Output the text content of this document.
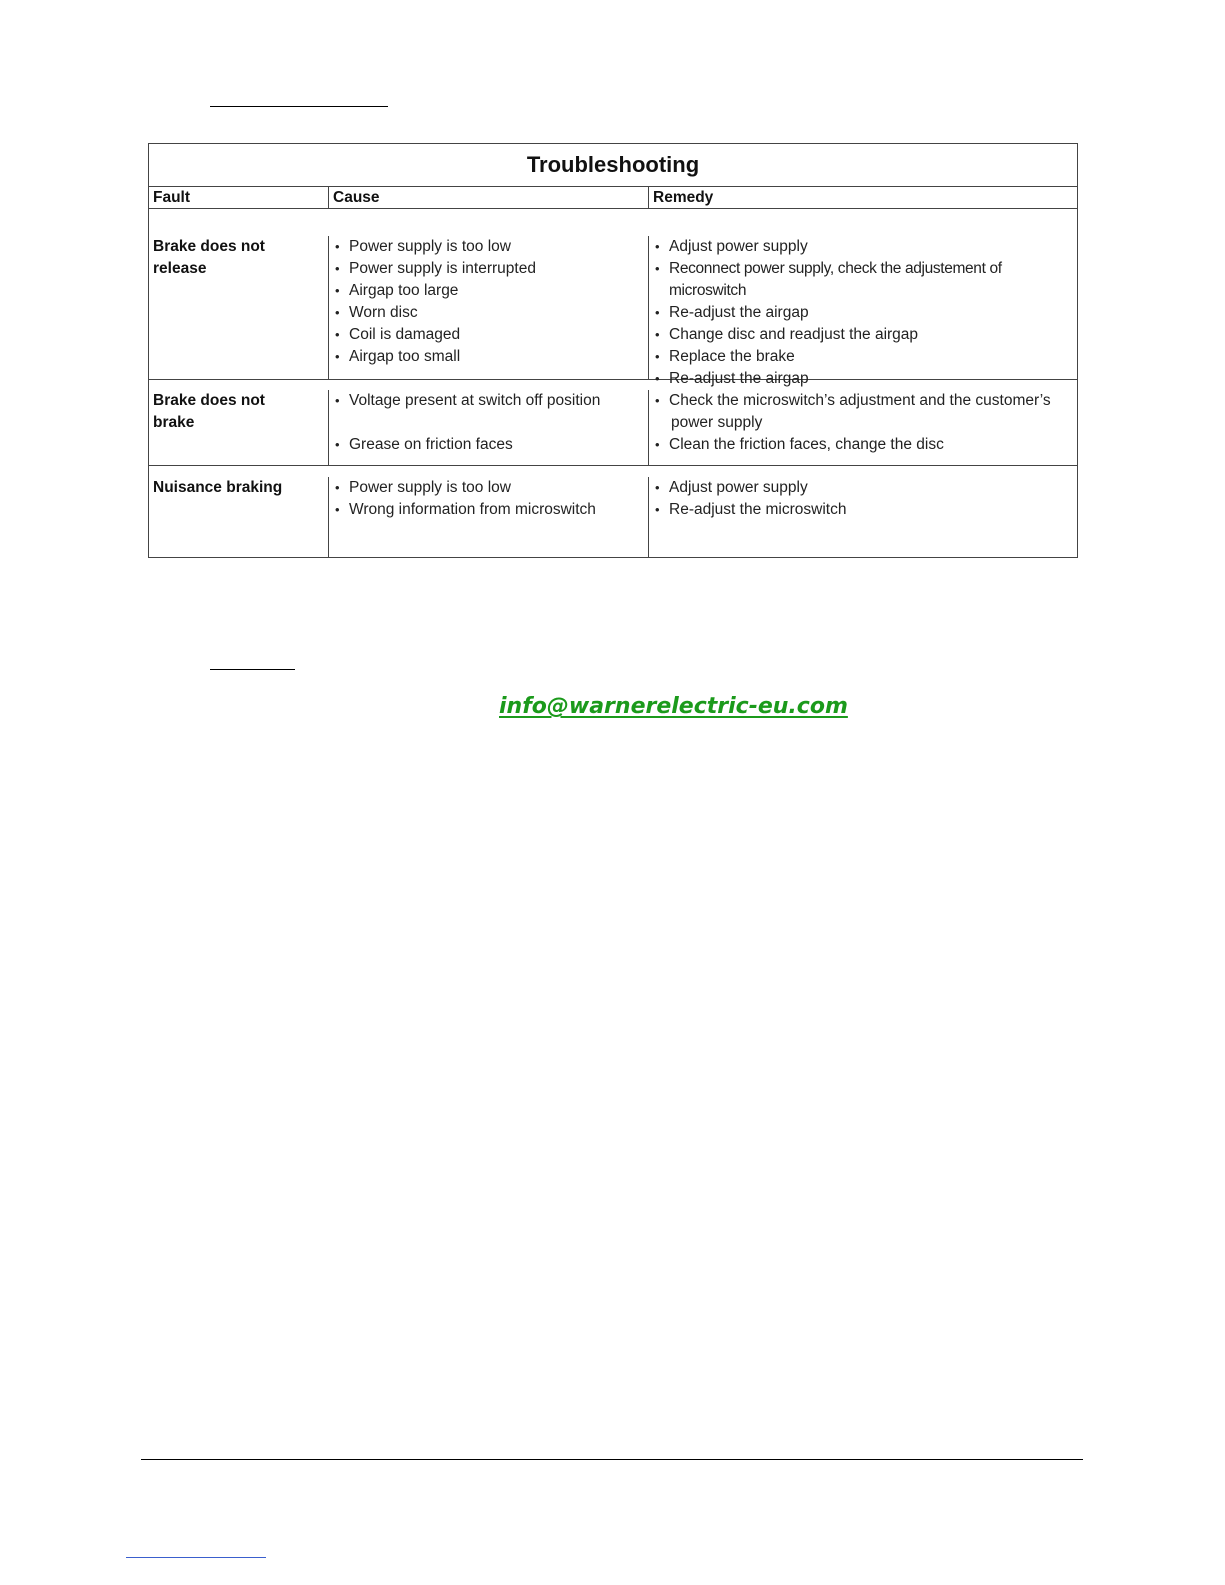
Troubleshooting
Fault	Cause	Remedy
Brake does not
release
• Power supply is too low
• Power supply is interrupted
• Airgap too large
• Worn disc
• Coil is damaged
• Airgap too small
• Adjust power supply
• Reconnect power supply, check the adjustement of microswitch
• Re-adjust the airgap
• Change disc and readjust the airgap
• Replace the brake
• Re-adjust the airgap
Brake does not
brake
• Voltage present at switch off position
• Grease on friction faces
• Check the microswitch’s adjustment and the customer’s
power supply
• Clean the friction faces, change the disc
Nuisance braking
•	Power supply is too low
• Wrong information from microswitch
• Adjust power supply
• Re-adjust the microswitch
info@warnerelectric-eu.com
